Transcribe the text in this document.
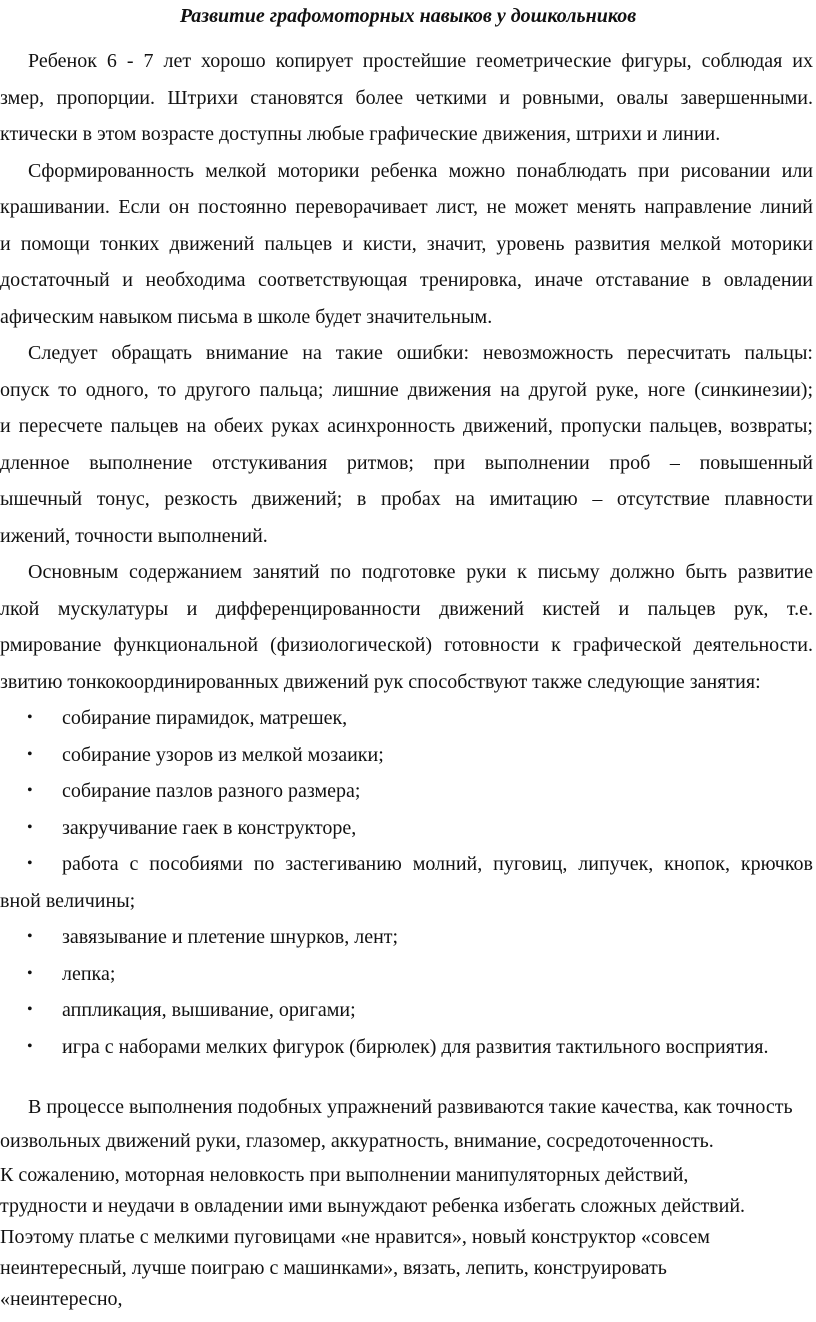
Развитие графомоторных навыков у дошкольников
Ребенок 6 - 7 лет хорошо копирует простейшие геометрические фигуры, соблюдая их
змер, пропорции. Штрихи становятся более четкими и ровными, овалы завершенными.
ктически в этом возрасте доступны любые графические движения, штрихи и линии.
Сформированность мелкой моторики ребенка можно понаблюдать при рисовании или
крашивании. Если он постоянно переворачивает лист, не может менять направление линий
и помощи тонких движений пальцев и кисти, значит, уровень развития мелкой моторики
достаточный и необходима соответствующая тренировка, иначе отставание в овладении
афическим навыком письма в школе будет значительным.
Следует обращать внимание на такие ошибки: невозможность пересчитать пальцы:
опуск то одного, то другого пальца; лишние движения на другой руке, ноге (синкинезии);
и пересчете пальцев на обеих руках асинхронность движений, пропуски пальцев, возвраты;
дленное выполнение отстукивания ритмов; при выполнении проб – повышенный
ышечный тонус, резкость движений; в пробах на имитацию – отсутствие плавности
ижений, точности выполнений.
Основным содержанием занятий по подготовке руки к письму должно быть развитие
лкой мускулатуры и дифференцированности движений кистей и пальцев рук, т.е.
рмирование функциональной (физиологической) готовности к графической деятельности.
звитию тонкокоординированных движений рук способствуют также следующие занятия:
• собирание пирамидок, матрешек,
• собирание узоров из мелкой мозаики;
• собирание пазлов разного размера;
• закручивание гаек в конструкторе,
• работа с пособиями по застегиванию молний, пуговиц, липучек, кнопок, крючков
вной величины;
• завязывание и плетение шнурков, лент;
• лепка;
• аппликация, вышивание, оригами;
• игра с наборами мелких фигурок (бирюлек) для развития тактильного восприятия.
В процессе выполнения подобных упражнений развиваются такие качества, как точность
оизвольных движений руки, глазомер, аккуратность, внимание, сосредоточенность.
К сожалению, моторная неловкость при выполнении манипуляторных действий,
трудности и неудачи в овладении ими вынуждают ребенка избегать сложных действий.
Поэтому платье с мелкими пуговицами «не нравится», новый конструктор «совсем
неинтересный, лучше поиграю с машинками», вязать, лепить, конструировать
«неинтересно,
